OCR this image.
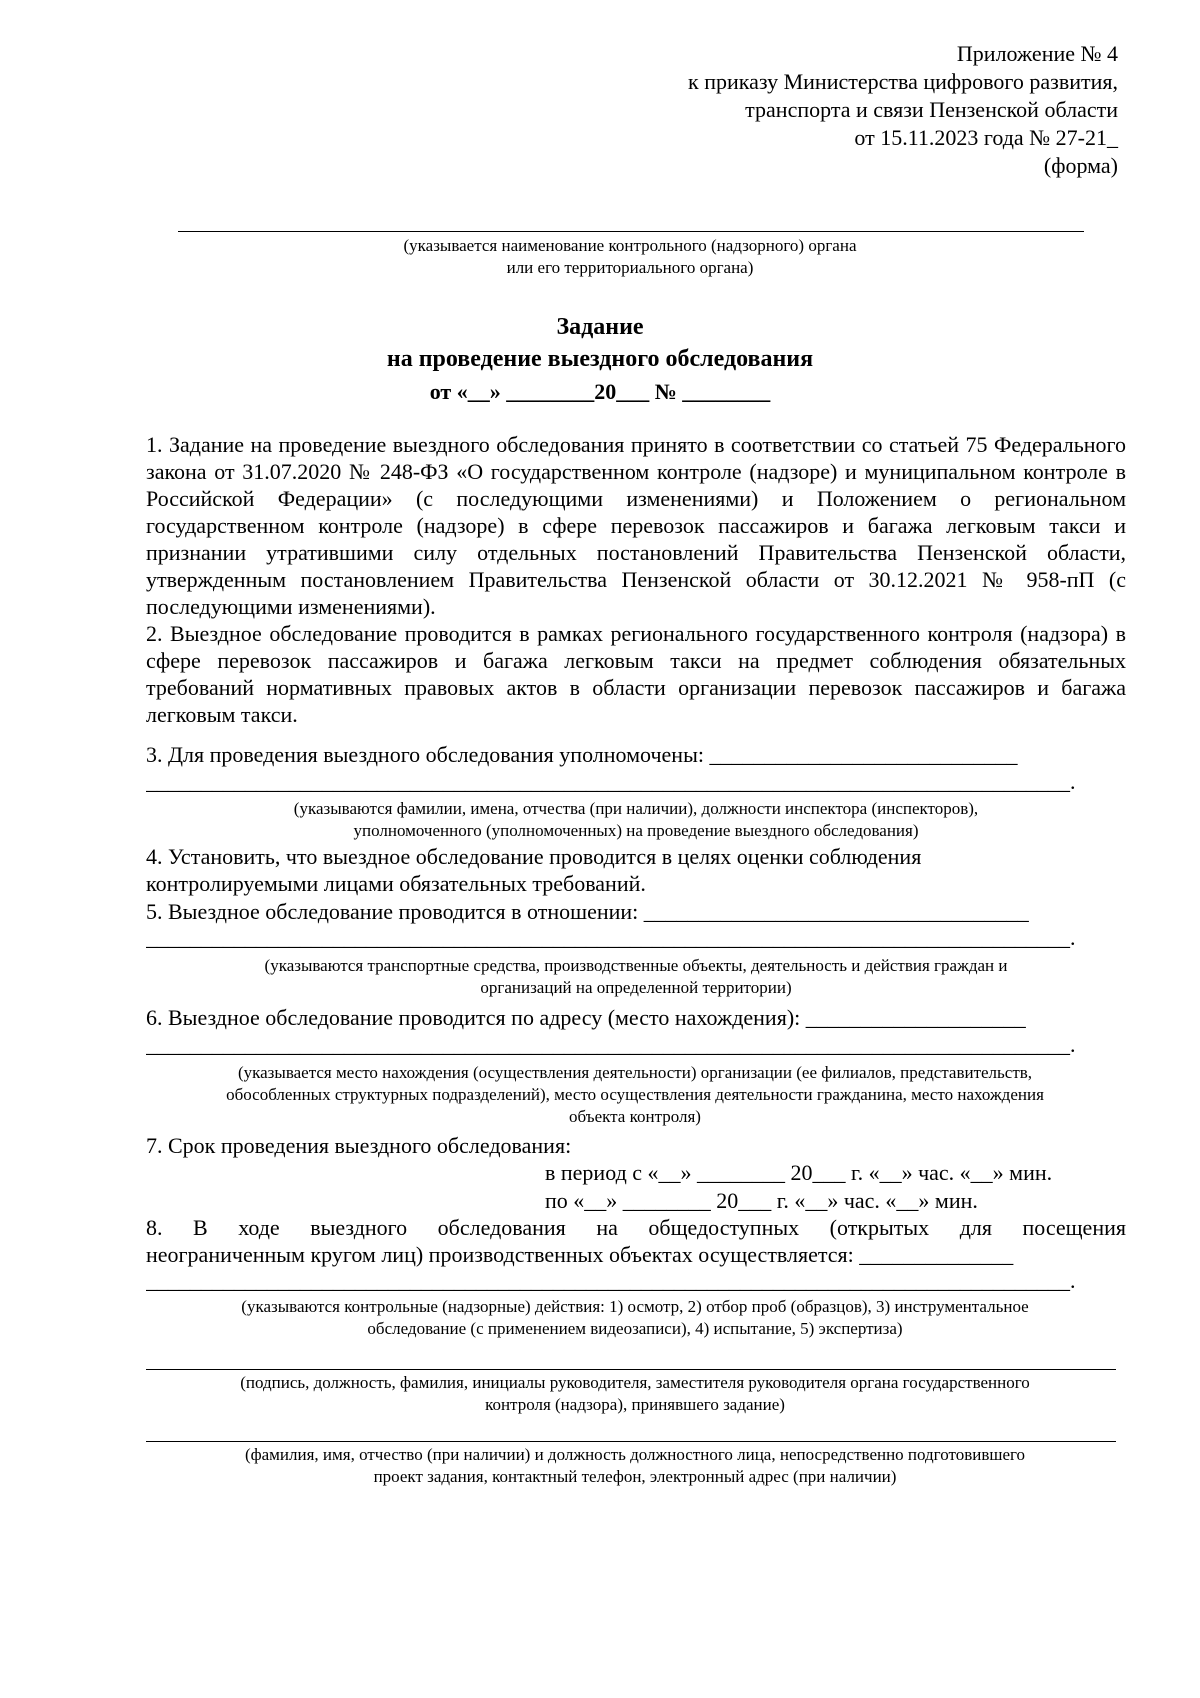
Приложение № 4
к приказу Министерства цифрового развития,
транспорта и связи Пензенской области
от 15.11.2023 года № 27-21_
(форма)
(указывается наименование контрольного (надзорного) органа
или его территориального органа)
Задание
на проведение выездного обследования
от «__» ________20___ № ________
1. Задание на проведение выездного обследования принято в соответствии со статьей 75 Федерального закона от 31.07.2020 № 248-ФЗ «О государственном контроле (надзоре) и муниципальном контроле в Российской Федерации» (с последующими изменениями) и Положением о региональном государственном контроле (надзоре) в сфере перевозок пассажиров и багажа легковым такси и признании утратившими силу отдельных постановлений Правительства Пензенской области, утвержденным постановлением Правительства Пензенской области от 30.12.2021 № 958-пП (с последующими изменениями).
2. Выездное обследование проводится в рамках регионального государственного контроля (надзора) в сфере перевозок пассажиров и багажа легковым такси на предмет соблюдения обязательных требований нормативных правовых актов в области организации перевозок пассажиров и багажа легковым такси.
3. Для проведения выездного обследования уполномочены: ____________________________
____________________________________________________________________________________.
(указываются фамилии, имена, отчества (при наличии), должности инспектора (инспекторов),
уполномоченного (уполномоченных) на проведение выездного обследования)
4. Установить, что выездное обследование проводится в целях оценки соблюдения
контролируемыми лицами обязательных требований.
5. Выездное обследование проводится в отношении: ___________________________________
____________________________________________________________________________________.
(указываются транспортные средства, производственные объекты, деятельность и действия граждан и
организаций на определенной территории)
6. Выездное обследование проводится по адресу (место нахождения): ____________________
____________________________________________________________________________________.
(указывается место нахождения (осуществления деятельности) организации (ее филиалов, представительств,
обособленных структурных подразделений), место осуществления деятельности гражданина, место нахождения
объекта контроля)
7. Срок проведения выездного обследования:
в период с «__» ________ 20___ г. «__» час. «__» мин.
по «__» ________ 20___ г. «__» час. «__» мин.
8. В ходе выездного обследования на общедоступных (открытых для посещения
неограниченным кругом лиц) производственных объектах осуществляется: ______________
____________________________________________________________________________________.
(указываются контрольные (надзорные) действия: 1) осмотр, 2) отбор проб (образцов), 3) инструментальное
обследование (с применением видеозаписи), 4) испытание, 5) экспертиза)
(подпись, должность, фамилия, инициалы руководителя, заместителя руководителя органа государственного
контроля (надзора), принявшего задание)
(фамилия, имя, отчество (при наличии) и должность должностного лица, непосредственно подготовившего
проект задания, контактный телефон, электронный адрес (при наличии)
